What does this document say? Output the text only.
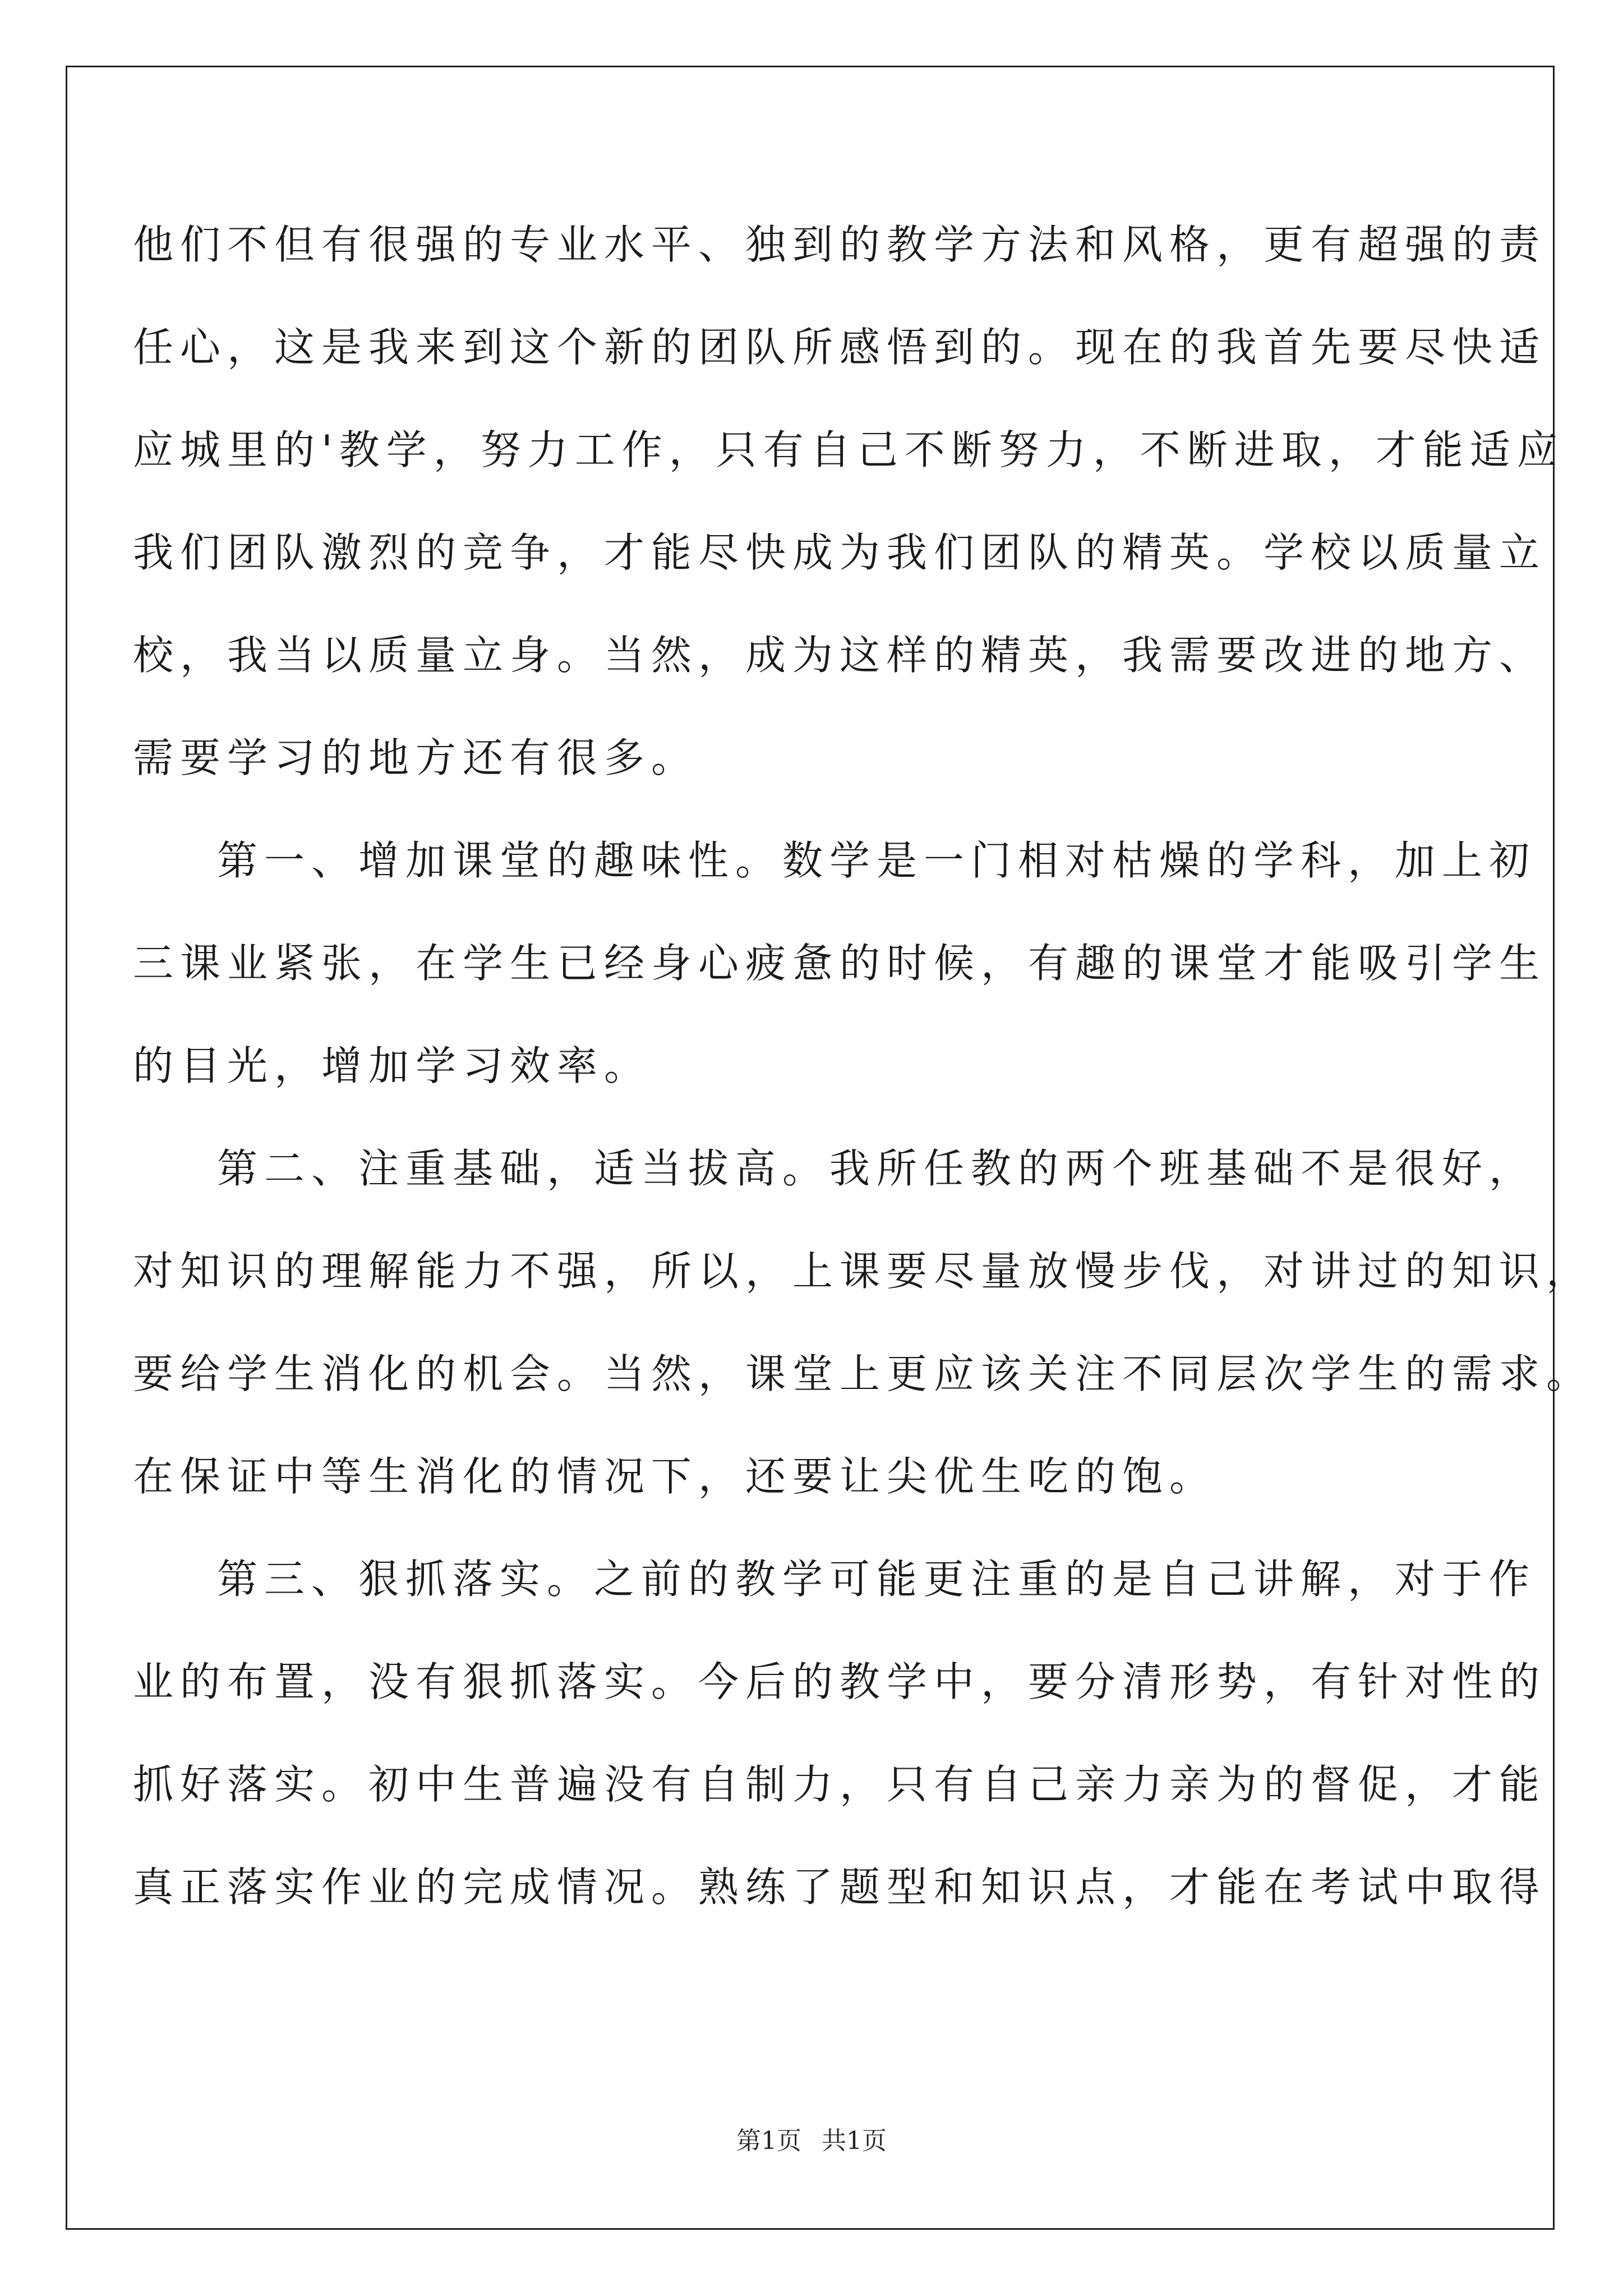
他们不但有很强的专业水平、独到的教学方法和风格，更有超强的责
任心，这是我来到这个新的团队所感悟到的。现在的我首先要尽快适
应城里的'教学，努力工作，只有自己不断努力，不断进取，才能适应
我们团队激烈的竞争，才能尽快成为我们团队的精英。学校以质量立
校，我当以质量立身。当然，成为这样的精英，我需要改进的地方、
需要学习的地方还有很多。
第一、增加课堂的趣味性。数学是一门相对枯燥的学科，加上初
三课业紧张，在学生已经身心疲惫的时候，有趣的课堂才能吸引学生
的目光，增加学习效率。
第二、注重基础，适当拔高。我所任教的两个班基础不是很好，
对知识的理解能力不强，所以，上课要尽量放慢步伐，对讲过的知识，
要给学生消化的机会。当然，课堂上更应该关注不同层次学生的需求。
在保证中等生消化的情况下，还要让尖优生吃的饱。
第三、狠抓落实。之前的教学可能更注重的是自己讲解，对于作
业的布置，没有狠抓落实。今后的教学中，要分清形势，有针对性的
抓好落实。初中生普遍没有自制力，只有自己亲力亲为的督促，才能
真正落实作业的完成情况。熟练了题型和知识点，才能在考试中取得
第1页 共1页
